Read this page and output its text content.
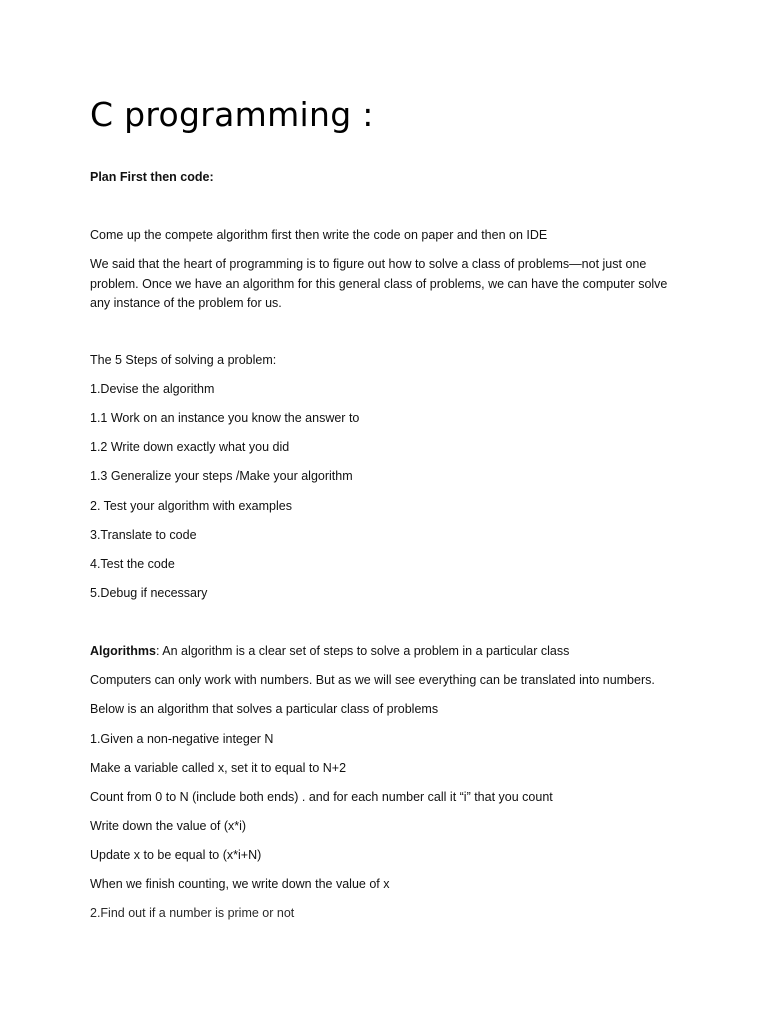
C programming :

Plan First then code:

Come up the compete algorithm first then write the code on paper and then on IDE

We said that the heart of programming is to figure out how to solve a class of problems—not just one problem. Once we have an algorithm for this general class of problems, we can have the computer solve any instance of the problem for us.

The 5 Steps of solving a problem:

1.Devise the algorithm

1.1 Work on an instance you know the answer to

1.2 Write down exactly what you did

1.3 Generalize your steps /Make your algorithm

2. Test your algorithm with examples

3.Translate to code

4.Test the code

5.Debug if necessary

Algorithms: An algorithm is a clear set of steps to solve a problem in a particular class

Computers can only work with numbers. But as we will see everything can be translated into numbers.

Below is an algorithm that solves a particular class of problems

1.Given a non-negative integer N

Make a variable called x, set it to equal to N+2

Count from 0 to N (include both ends) . and for each number call it “i” that you count

Write down the value of (x*i)

Update x to be equal to (x*i+N)

When we finish counting, we write down the value of x

2.Find out if a number is prime or not
